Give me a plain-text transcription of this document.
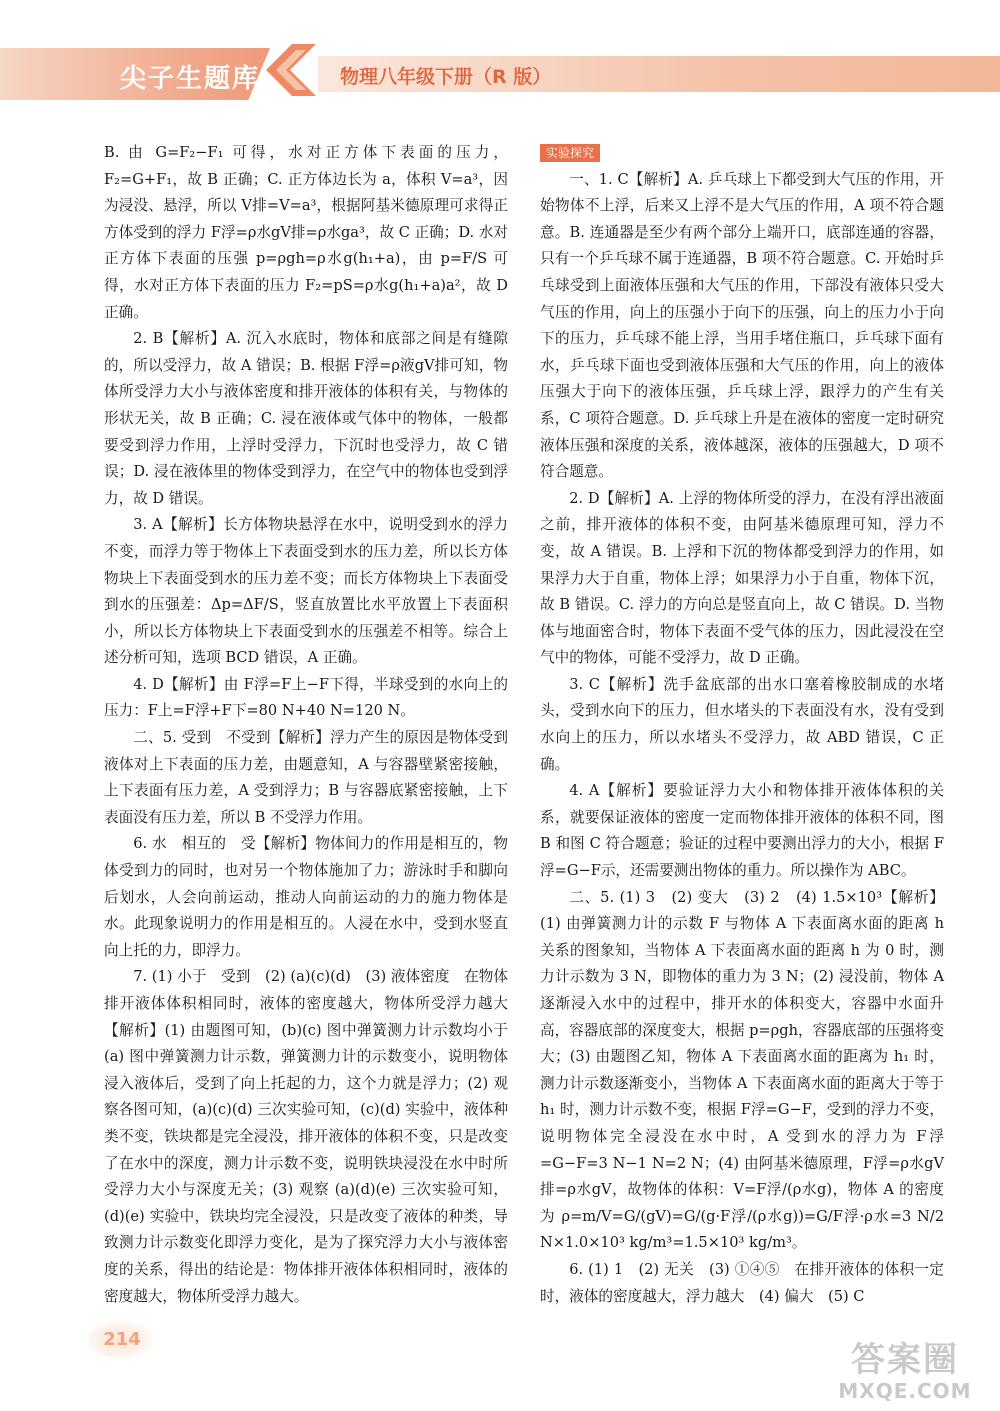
尖子生题库	物理八年级下册（R 版）

B. 由 G=F₂−F₁ 可得，水对正方体下表面的压力，F₂=G+F₁，故 B 正确；C. 正方体边长为 a，体积 V=a³，因为浸没、悬浮，所以 V排=V=a³，根据阿基米德原理可求得正方体受到的浮力 F浮=ρ水gV排=ρ水ga³，故 C 正确；D. 水对正方体下表面的压强 p=ρgh=ρ水g(h₁+a)，由 p=F/S 可得，水对正方体下表面的压力 F₂=pS=ρ水g(h₁+a)a²，故 D 正确。

2. B【解析】A. 沉入水底时，物体和底部之间是有缝隙的，所以受浮力，故 A 错误；B. 根据 F浮=ρ液gV排可知，物体所受浮力大小与液体密度和排开液体的体积有关，与物体的形状无关，故 B 正确；C. 浸在液体或气体中的物体，一般都要受到浮力作用，上浮时受浮力，下沉时也受浮力，故 C 错误；D. 浸在液体里的物体受到浮力，在空气中的物体也受到浮力，故 D 错误。

3. A【解析】长方体物块悬浮在水中，说明受到水的浮力不变，而浮力等于物体上下表面受到水的压力差，所以长方体物块上下表面受到水的压力差不变；而长方体物块上下表面受到水的压强差：Δp=ΔF/S，竖直放置比水平放置上下表面积小，所以长方体物块上下表面受到水的压强差不相等。综合上述分析可知，选项 BCD 错误，A 正确。

4. D【解析】由 F浮=F上−F下得，半球受到的水向上的压力：F上=F浮+F下=80 N+40 N=120 N。

二、5. 受到　不受到【解析】浮力产生的原因是物体受到液体对上下表面的压力差，由题意知，A 与容器壁紧密接触，上下表面有压力差，A 受到浮力；B 与容器底紧密接触，上下表面没有压力差，所以 B 不受浮力作用。

6. 水　相互的　受【解析】物体间力的作用是相互的，物体受到力的同时，也对另一个物体施加了力；游泳时手和脚向后划水，人会向前运动，推动人向前运动的力的施力物体是水。此现象说明力的作用是相互的。人浸在水中，受到水竖直向上托的力，即浮力。

7. (1) 小于　受到　(2) (a)(c)(d)　(3) 液体密度　在物体排开液体体积相同时，液体的密度越大，物体所受浮力越大【解析】(1) 由题图可知，(b)(c) 图中弹簧测力计示数均小于 (a) 图中弹簧测力计示数，弹簧测力计的示数变小，说明物体浸入液体后，受到了向上托起的力，这个力就是浮力；(2) 观察各图可知，(a)(c)(d) 三次实验可知，(c)(d) 实验中，液体种类不变，铁块都是完全浸没，排开液体的体积不变，只是改变了在水中的深度，测力计示数不变，说明铁块浸没在水中时所受浮力大小与深度无关；(3) 观察 (a)(d)(e) 三次实验可知，(d)(e) 实验中，铁块均完全浸没，只是改变了液体的种类，导致测力计示数变化即浮力变化，是为了探究浮力大小与液体密度的关系，得出的结论是：物体排开液体体积相同时，液体的密度越大，物体所受浮力越大。

实验探究

一、1. C【解析】A. 乒乓球上下都受到大气压的作用，开始物体不上浮，后来又上浮不是大气压的作用，A 项不符合题意。B. 连通器是至少有两个部分上端开口，底部连通的容器，只有一个乒乓球不属于连通器，B 项不符合题意。C. 开始时乒乓球受到上面液体压强和大气压的作用，下部没有液体只受大气压的作用，向上的压强小于向下的压强，向上的压力小于向下的压力，乒乓球不能上浮，当用手堵住瓶口，乒乓球下面有水，乒乓球下面也受到液体压强和大气压的作用，向上的液体压强大于向下的液体压强，乒乓球上浮，跟浮力的产生有关系，C 项符合题意。D. 乒乓球上升是在液体的密度一定时研究液体压强和深度的关系，液体越深，液体的压强越大，D 项不符合题意。

2. D【解析】A. 上浮的物体所受的浮力，在没有浮出液面之前，排开液体的体积不变，由阿基米德原理可知，浮力不变，故 A 错误。B. 上浮和下沉的物体都受到浮力的作用，如果浮力大于自重，物体上浮；如果浮力小于自重，物体下沉，故 B 错误。C. 浮力的方向总是竖直向上，故 C 错误。D. 当物体与地面密合时，物体下表面不受气体的压力，因此浸没在空气中的物体，可能不受浮力，故 D 正确。

3. C【解析】洗手盆底部的出水口塞着橡胶制成的水堵头，受到水向下的压力，但水堵头的下表面没有水，没有受到水向上的压力，所以水堵头不受浮力，故 ABD 错误，C 正确。

4. A【解析】要验证浮力大小和物体排开液体体积的关系，就要保证液体的密度一定而物体排开液体的体积不同，图 B 和图 C 符合题意；验证的过程中要测出浮力的大小，根据 F浮=G−F示，还需要测出物体的重力。所以操作为 ABC。

二、5. (1) 3　(2) 变大　(3) 2　(4) 1.5×10³【解析】(1) 由弹簧测力计的示数 F 与物体 A 下表面离水面的距离 h 关系的图象知，当物体 A 下表面离水面的距离 h 为 0 时，测力计示数为 3 N，即物体的重力为 3 N；(2) 浸没前，物体 A 逐渐浸入水中的过程中，排开水的体积变大，容器中水面升高，容器底部的深度变大，根据 p=ρgh，容器底部的压强将变大；(3) 由题图乙知，物体 A 下表面离水面的距离为 h₁ 时，测力计示数逐渐变小，当物体 A 下表面离水面的距离大于等于 h₁ 时，测力计示数不变，根据 F浮=G−F，受到的浮力不变，说明物体完全浸没在水中时，A 受到水的浮力为 F浮=G−F=3 N−1 N=2 N；(4) 由阿基米德原理，F浮=ρ水gV排=ρ水gV，故物体的体积：V=F浮/(ρ水g)，物体 A 的密度为 ρ=m/V=G/(gV)=G/(g·F浮/(ρ水g))=G/F浮·ρ水=3 N/2 N×1.0×10³ kg/m³=1.5×10³ kg/m³。

6. (1) 1　(2) 无关　(3) ①④⑤　在排开液体的体积一定时，液体的密度越大，浮力越大　(4) 偏大　(5) C

214
答案圈
MXQE.COM
